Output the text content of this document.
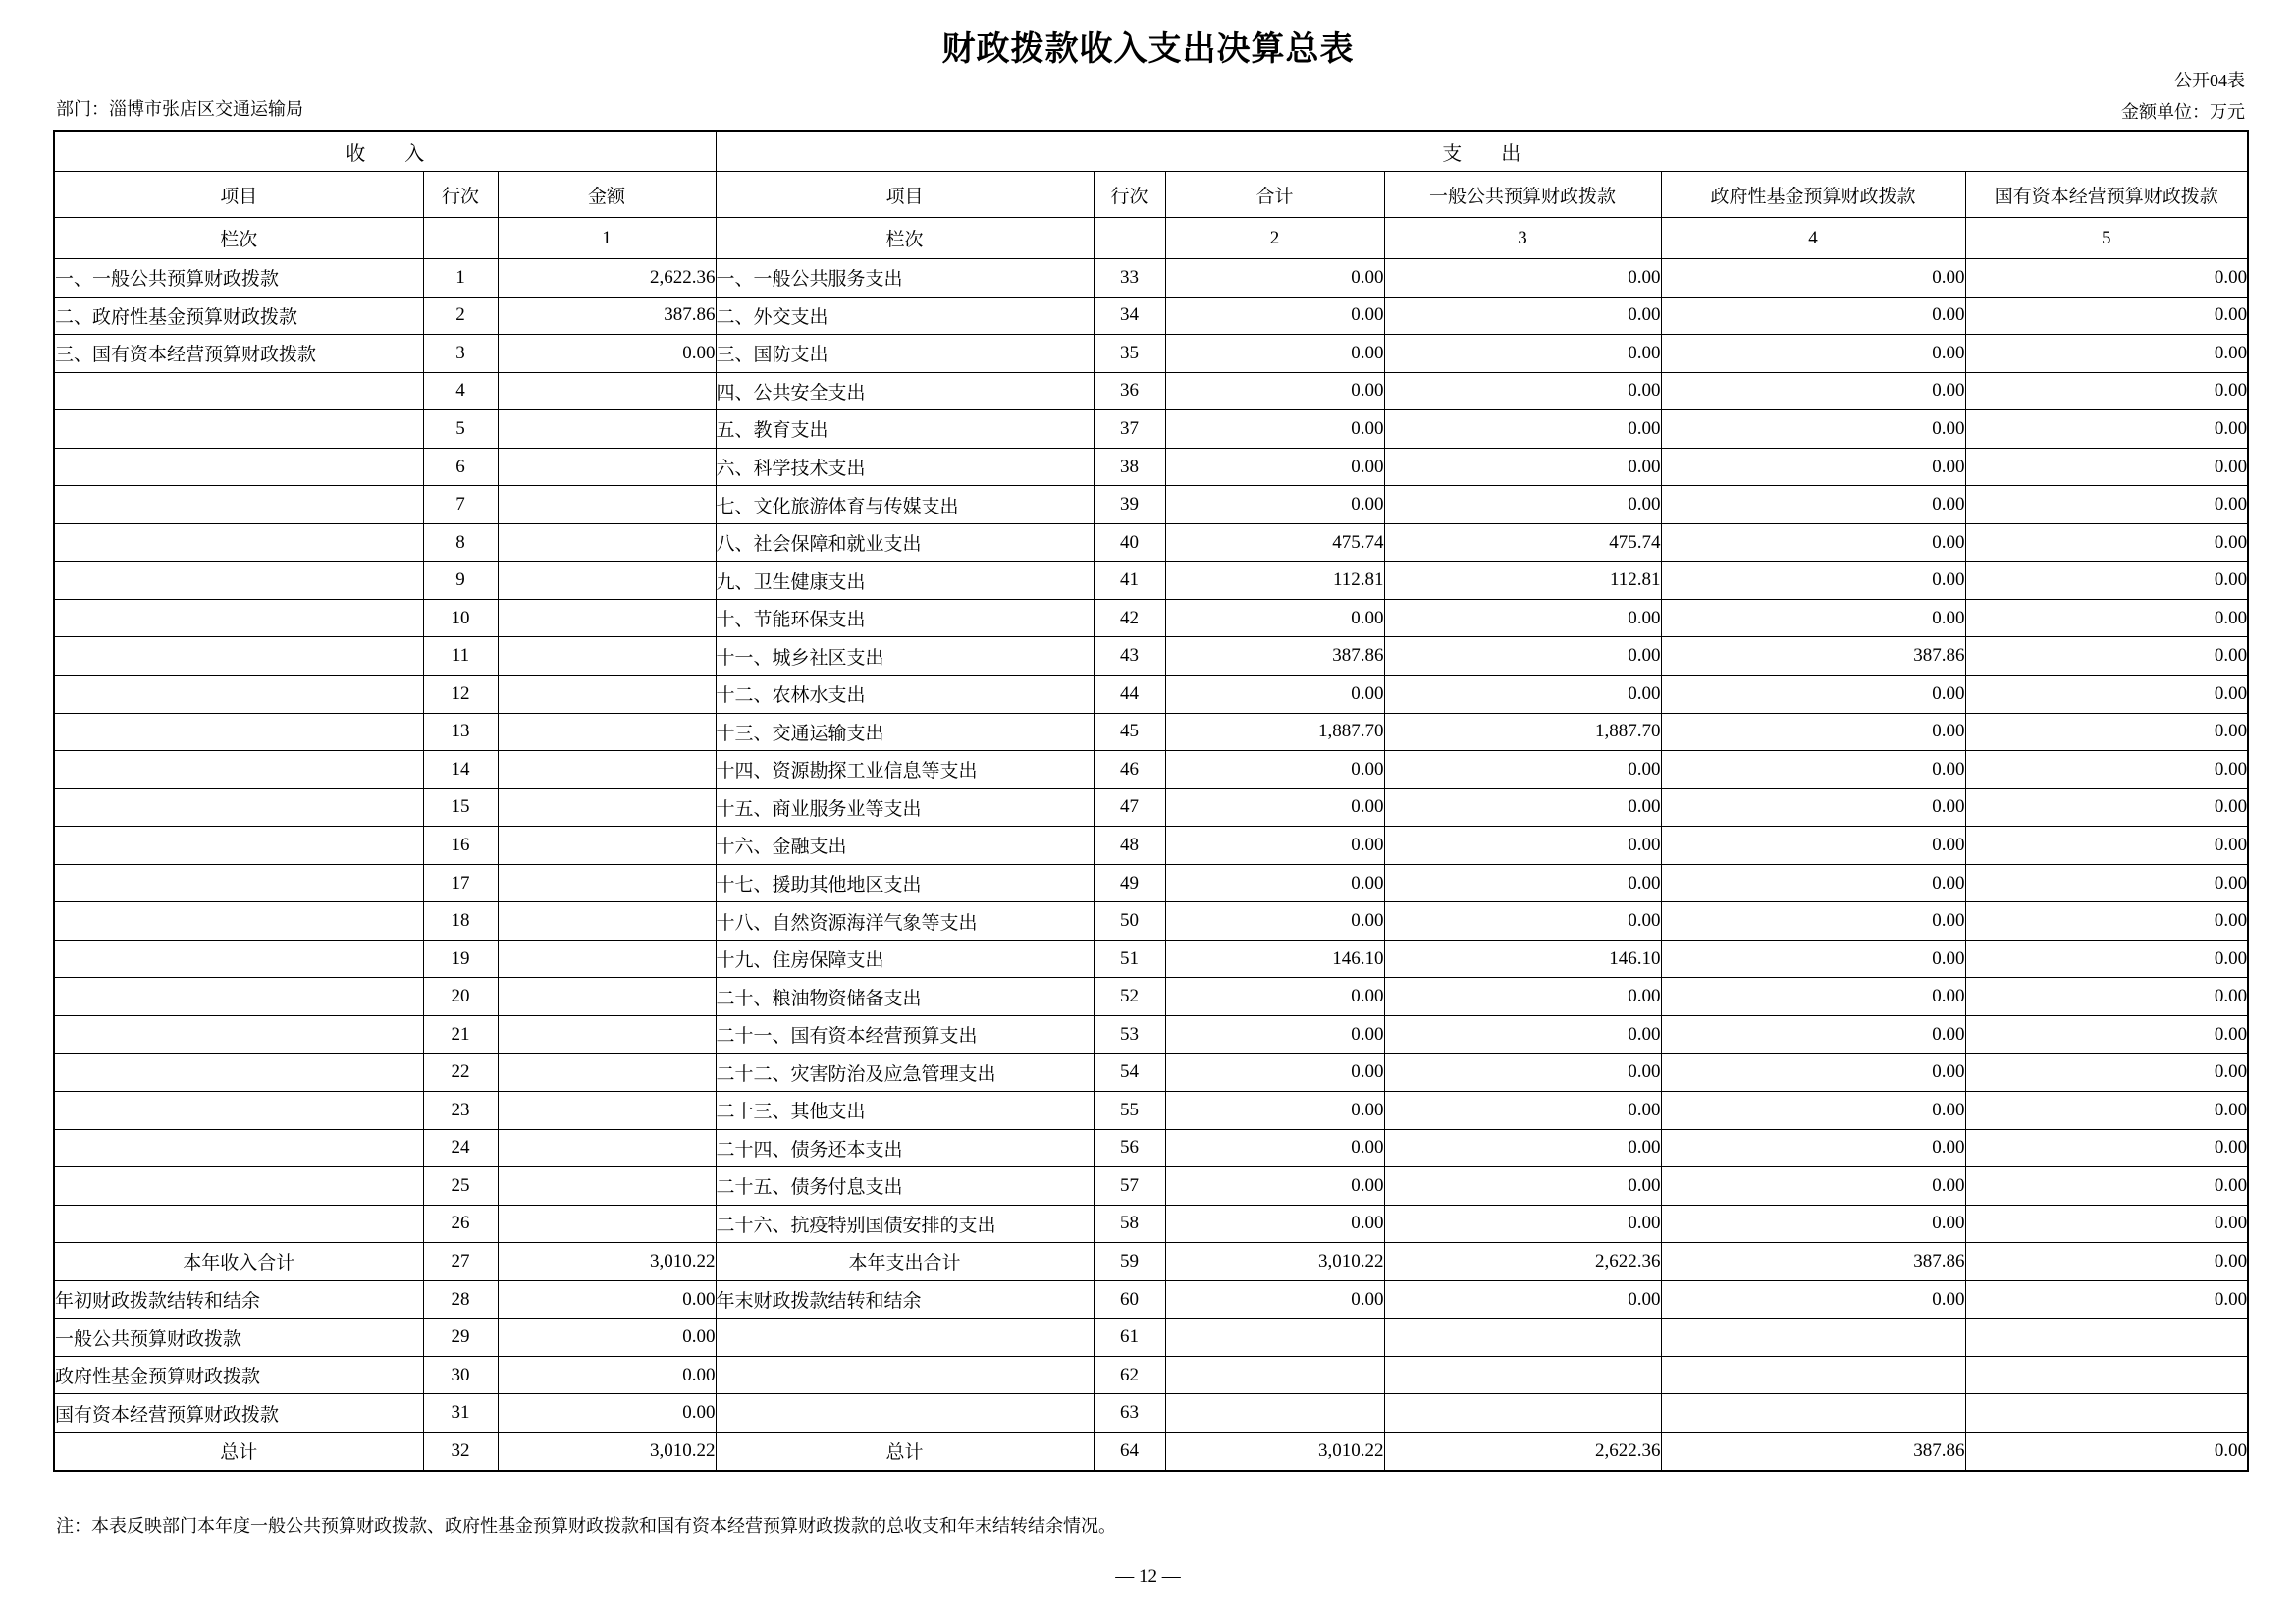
财政拨款收入支出决算总表
公开04表
部门：淄博市张店区交通运输局	金额单位：万元
收　　入			支　　出					
项目	行次	金额	项目	行次	合计	一般公共预算财政拨款	政府性基金预算财政拨款	国有资本经营预算财政拨款
栏次		1	栏次		2	3	4	5
一、一般公共预算财政拨款	1	2,622.36	一、一般公共服务支出	33	0.00	0.00	0.00	0.00
二、政府性基金预算财政拨款	2	387.86	二、外交支出	34	0.00	0.00	0.00	0.00
三、国有资本经营预算财政拨款	3	0.00	三、国防支出	35	0.00	0.00	0.00	0.00
	4		四、公共安全支出	36	0.00	0.00	0.00	0.00
	5		五、教育支出	37	0.00	0.00	0.00	0.00
	6		六、科学技术支出	38	0.00	0.00	0.00	0.00
	7		七、文化旅游体育与传媒支出	39	0.00	0.00	0.00	0.00
	8		八、社会保障和就业支出	40	475.74	475.74	0.00	0.00
	9		九、卫生健康支出	41	112.81	112.81	0.00	0.00
	10		十、节能环保支出	42	0.00	0.00	0.00	0.00
	11		十一、城乡社区支出	43	387.86	0.00	387.86	0.00
	12		十二、农林水支出	44	0.00	0.00	0.00	0.00
	13		十三、交通运输支出	45	1,887.70	1,887.70	0.00	0.00
	14		十四、资源勘探工业信息等支出	46	0.00	0.00	0.00	0.00
	15		十五、商业服务业等支出	47	0.00	0.00	0.00	0.00
	16		十六、金融支出	48	0.00	0.00	0.00	0.00
	17		十七、援助其他地区支出	49	0.00	0.00	0.00	0.00
	18		十八、自然资源海洋气象等支出	50	0.00	0.00	0.00	0.00
	19		十九、住房保障支出	51	146.10	146.10	0.00	0.00
	20		二十、粮油物资储备支出	52	0.00	0.00	0.00	0.00
	21		二十一、国有资本经营预算支出	53	0.00	0.00	0.00	0.00
	22		二十二、灾害防治及应急管理支出	54	0.00	0.00	0.00	0.00
	23		二十三、其他支出	55	0.00	0.00	0.00	0.00
	24		二十四、债务还本支出	56	0.00	0.00	0.00	0.00
	25		二十五、债务付息支出	57	0.00	0.00	0.00	0.00
	26		二十六、抗疫特别国债安排的支出	58	0.00	0.00	0.00	0.00
本年收入合计	27	3,010.22	本年支出合计	59	3,010.22	2,622.36	387.86	0.00
年初财政拨款结转和结余	28	0.00	年末财政拨款结转和结余	60	0.00	0.00	0.00	0.00
一般公共预算财政拨款	29	0.00		61				
政府性基金预算财政拨款	30	0.00		62				
国有资本经营预算财政拨款	31	0.00		63				
总计	32	3,010.22	总计	64	3,010.22	2,622.36	387.86	0.00
注：本表反映部门本年度一般公共预算财政拨款、政府性基金预算财政拨款和国有资本经营预算财政拨款的总收支和年末结转结余情况。
— 12 —
